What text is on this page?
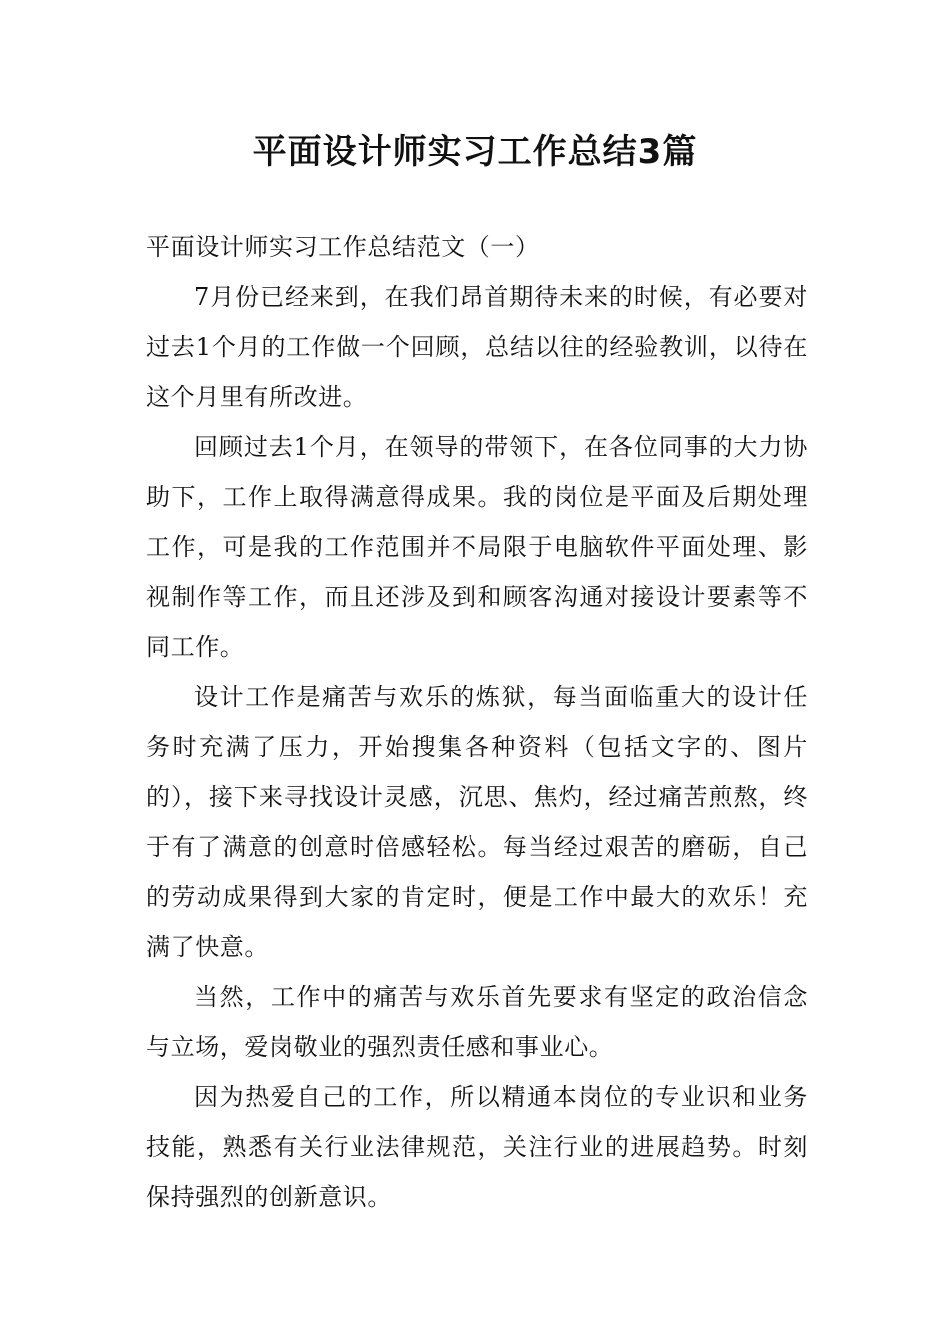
平面设计师实习工作总结3篇
平面设计师实习工作总结范文（一）

7月份已经来到，在我们昂首期待未来的时候，有必要对过去1个月的工作做一个回顾，总结以往的经验教训，以待在这个月里有所改进。

回顾过去1个月，在领导的带领下，在各位同事的大力协助下，工作上取得满意得成果。我的岗位是平面及后期处理工作，可是我的工作范围并不局限于电脑软件平面处理、影视制作等工作，而且还涉及到和顾客沟通对接设计要素等不同工作。

设计工作是痛苦与欢乐的炼狱，每当面临重大的设计任务时充满了压力，开始搜集各种资料（包括文字的、图片的），接下来寻找设计灵感，沉思、焦灼，经过痛苦煎熬，终于有了满意的创意时倍感轻松。每当经过艰苦的磨砺，自己的劳动成果得到大家的肯定时，便是工作中最大的欢乐！充满了快意。

当然，工作中的痛苦与欢乐首先要求有坚定的政治信念与立场，爱岗敬业的强烈责任感和事业心。

因为热爱自己的工作，所以精通本岗位的专业识和业务技能，熟悉有关行业法律规范，关注行业的进展趋势。时刻保持强烈的创新意识。
